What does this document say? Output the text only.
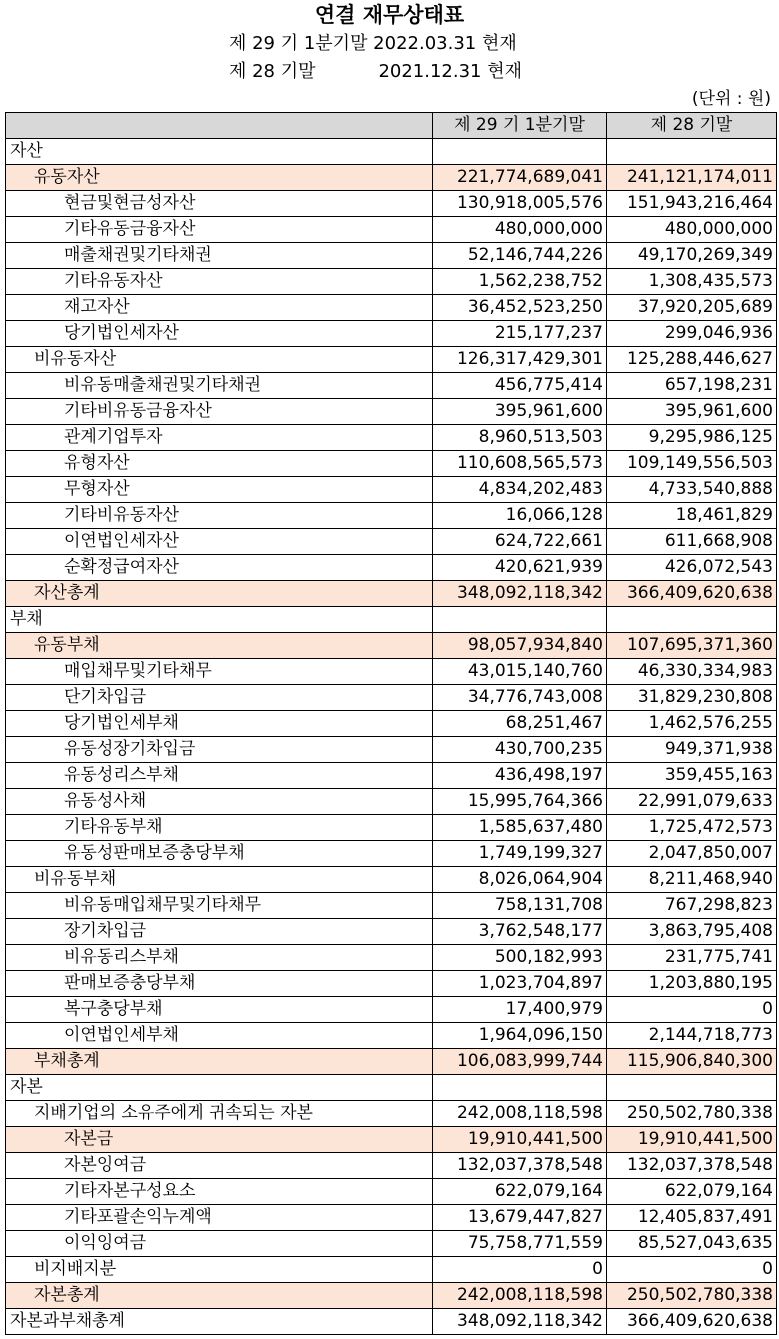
연결 재무상태표
제 29 기 1분기말 2022.03.31 현재
제 28 기말           2021.12.31 현재
(단위 : 원)
	제 29 기 1분기말	제 28 기말
자산		
유동자산	221,774,689,041	241,121,174,011
현금및현금성자산	130,918,005,576	151,943,216,464
기타유동금융자산	480,000,000	480,000,000
매출채권및기타채권	52,146,744,226	49,170,269,349
기타유동자산	1,562,238,752	1,308,435,573
재고자산	36,452,523,250	37,920,205,689
당기법인세자산	215,177,237	299,046,936
비유동자산	126,317,429,301	125,288,446,627
비유동매출채권및기타채권	456,775,414	657,198,231
기타비유동금융자산	395,961,600	395,961,600
관계기업투자	8,960,513,503	9,295,986,125
유형자산	110,608,565,573	109,149,556,503
무형자산	4,834,202,483	4,733,540,888
기타비유동자산	16,066,128	18,461,829
이연법인세자산	624,722,661	611,668,908
순확정급여자산	420,621,939	426,072,543
자산총계	348,092,118,342	366,409,620,638
부채		
유동부채	98,057,934,840	107,695,371,360
매입채무및기타채무	43,015,140,760	46,330,334,983
단기차입금	34,776,743,008	31,829,230,808
당기법인세부채	68,251,467	1,462,576,255
유동성장기차입금	430,700,235	949,371,938
유동성리스부채	436,498,197	359,455,163
유동성사채	15,995,764,366	22,991,079,633
기타유동부채	1,585,637,480	1,725,472,573
유동성판매보증충당부채	1,749,199,327	2,047,850,007
비유동부채	8,026,064,904	8,211,468,940
비유동매입채무및기타채무	758,131,708	767,298,823
장기차입금	3,762,548,177	3,863,795,408
비유동리스부채	500,182,993	231,775,741
판매보증충당부채	1,023,704,897	1,203,880,195
복구충당부채	17,400,979	0
이연법인세부채	1,964,096,150	2,144,718,773
부채총계	106,083,999,744	115,906,840,300
자본		
지배기업의 소유주에게 귀속되는 자본	242,008,118,598	250,502,780,338
자본금	19,910,441,500	19,910,441,500
자본잉여금	132,037,378,548	132,037,378,548
기타자본구성요소	622,079,164	622,079,164
기타포괄손익누계액	13,679,447,827	12,405,837,491
이익잉여금	75,758,771,559	85,527,043,635
비지배지분	0	0
자본총계	242,008,118,598	250,502,780,338
자본과부채총계	348,092,118,342	366,409,620,638
